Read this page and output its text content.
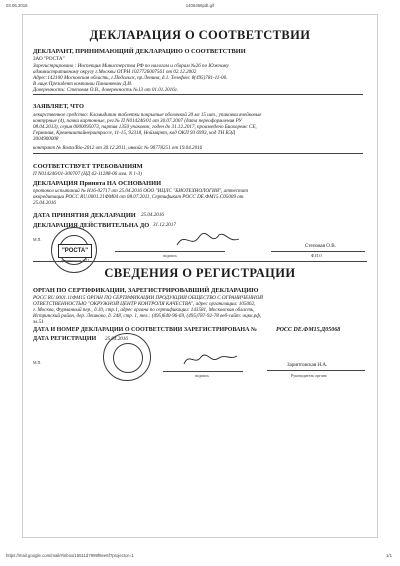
03.06.2016	1406466pdt.gif
https://mail.google.com/mail/#inbox/15511d7999f8ee6f?projector=1	1/1
ДЕКЛАРАЦИЯ О СООТВЕТСТВИИ
ДЕКЛАРАНТ, ПРИНИМАЮЩИЙ ДЕКЛАРАЦИЮ О СООТВЕТСТВИИ
ЗАО "РОСТА"
Зарегистрировано : Инспекция Министерства РФ по налогам и сборам №26 по Южному
административному округу г.Москвы ОГРН 1027726007561 от 02.12.2002
Адрес:142100 Московская область, г.Подольск, пр.Ленина, д.1. Телефон: 8(495)781-11-00.
В лице:Президент компании Панинкевич Д.И.
Доверенность: Степовая О.В., доверенность №13 от 01.01.2016г.
ЗАЯВЛЯЕТ, ЧТО
лекарственное средство: Кламидипин таблетки покрытые оболочкой 20 мг 15 шт., упаковки ячейковые
контурные (4), пачки картонные, рег.№ П N014246/01 от 30.07.2007 (дата переоформления РУ
08.04.2013), серия 0000095073, партия 1350 упаковок, годен до 31.12.2017, произведено Биохоремс СЕ,
Германия, Кремништайнерштрассе, 11-15, 92318, Ноймаркт, код ОКП 93 6993, код ТН ВЭД
3004900008
контракт № Rosta/Bio-2012 от 30.12.2011, инвойс № 90778251 от 19.04.2016
СООТВЕТСТВУЕТ ТРЕБОВАНИЯМ
П N014246/01-300707 (НД 42-11288-06 изм. N 1-3)
ДЕКЛАРАЦИЯ Принята НА ОСНОВАНИИ
протокол испытаний № Н16-02717 от 25.04.2016 ООО "ИЦЛС "БИОТЕХНОЛОГИЯ", аттестат
аккредитации РОСС RU.0001.21ФМ04 от 08.07.2011, Сертификат РОСС DE.ФМ15.С05009 от
25.04.2016
ДАТА ПРИНЯТИЯ ДЕКЛАРАЦИИ 25.04.2016
ДЕКЛАРАЦИЯ ДЕЙСТВИТЕЛЬНА ДО 31.12.2017
М.П.
"РОСТА"
доверенность №11
подпись
Степовая О.В.
Ф.И.О
СВЕДЕНИЯ О РЕГИСТРАЦИИ
ОРГАН ПО СЕРТИФИКАЦИИ, ЗАРЕГИСТРИРОВАВШИЙ ДЕКЛАРАЦИЮ
РОСС RU.0001.11ФМ15 ОРГАН ПО СЕРТИФИКАЦИИ ПРОДУКЦИИ ОБЩЕСТВО С ОГРАНИЧЕННОЙ
ОТВЕТСТВЕННОСТЬЮ "ОКРУЖНОЙ ЦЕНТР КОНТРОЛЯ КАЧЕСТВА", адрес организации: 105062,
г. Москва, Фурманный пер., д.10, стр.1, адрес органа по сертификации: 143581, Московская область,
Истринский район, дер. Лешково, д. 248, стр. 1, тел.: (495)640-96-69, (495)787-92-78 веб-сайт: оцкк.рф,
эл.51
ДАТА И НОМЕР ДЕКЛАРАЦИИ О СООТВЕТСТВИИ ЗАРЕГИСТРИРОВАНА №	РОСС DE.ФМ15.Д05068
ДАТА РЕГИСТРАЦИИ 25.04.2016
М.П.
подпись
Зариптовская Н.А.
Руководитель органа
